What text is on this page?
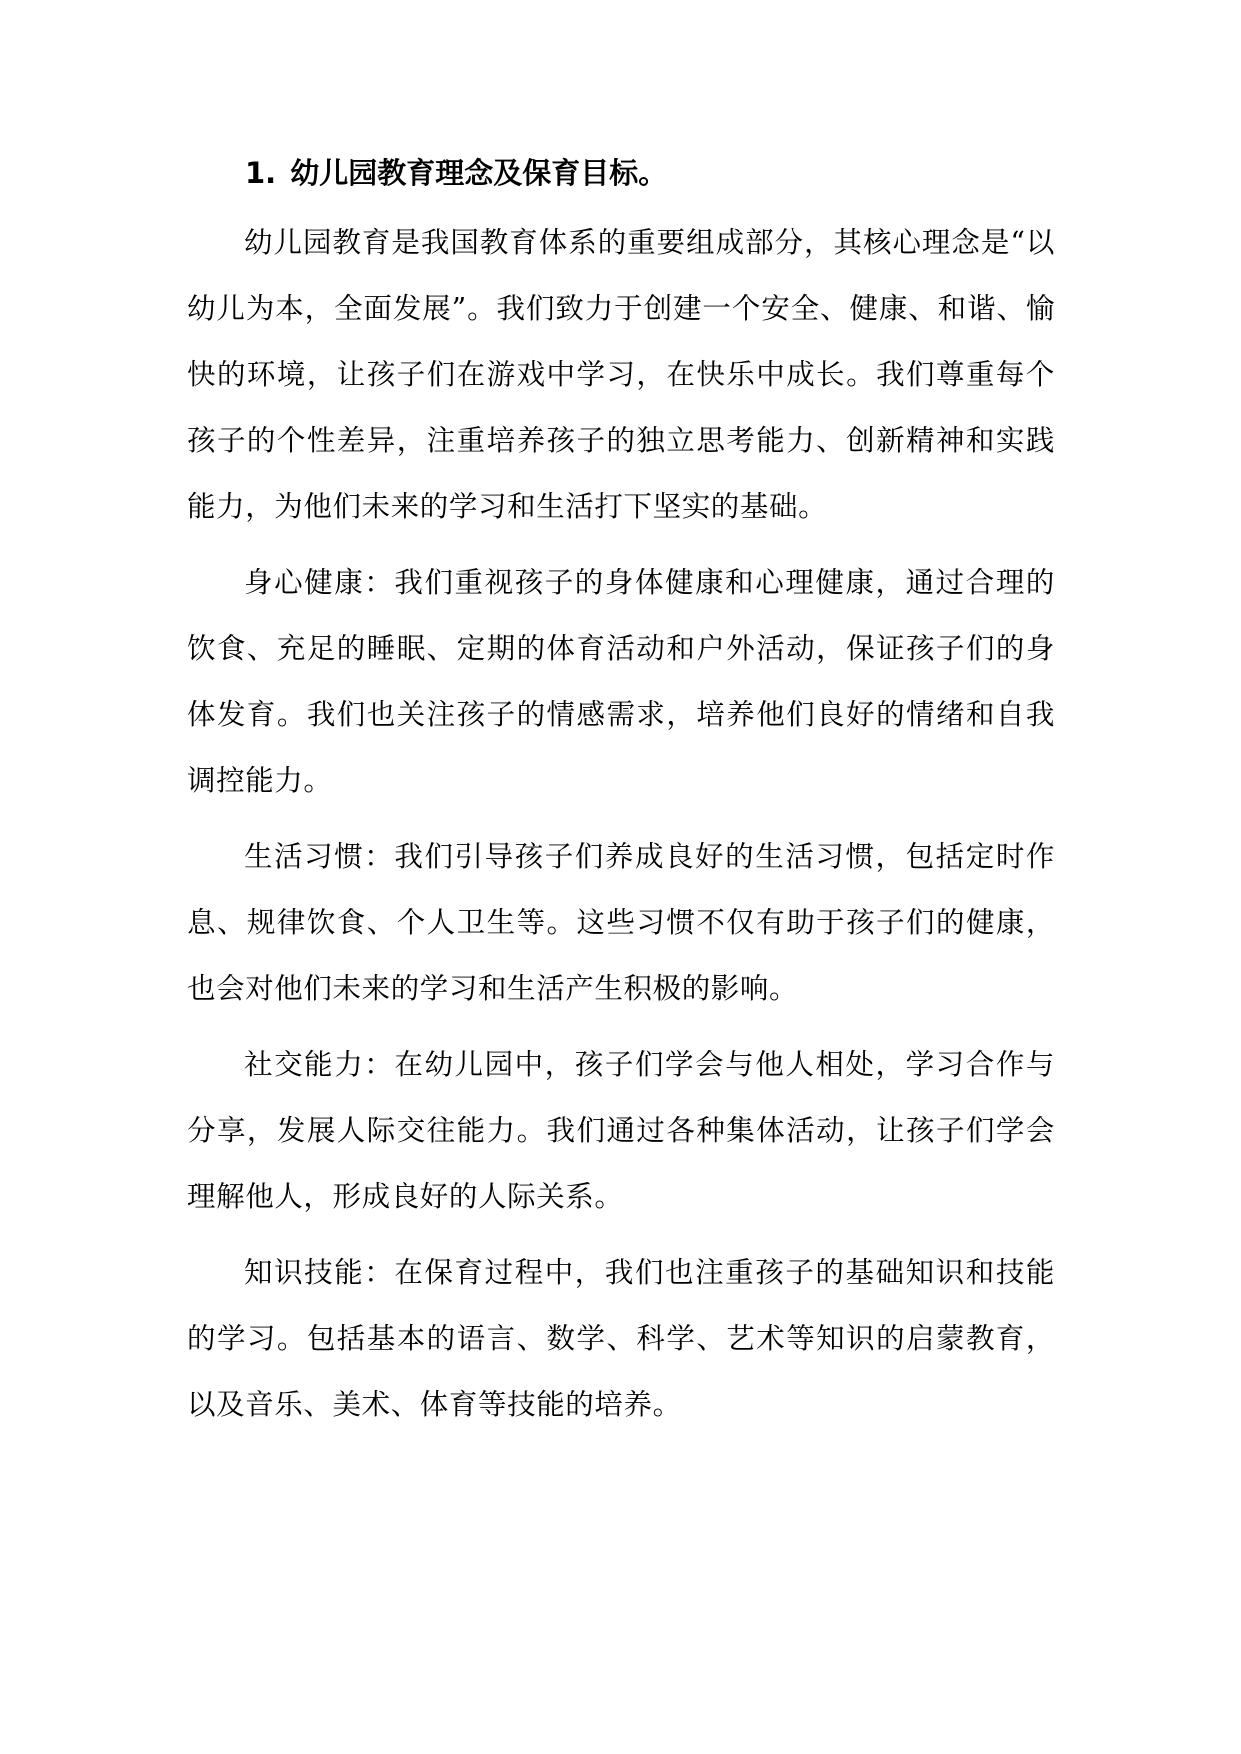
1. 幼儿园教育理念及保育目标。

幼儿园教育是我国教育体系的重要组成部分，其核心理念是“以幼儿为本，全面发展”。我们致力于创建一个安全、健康、和谐、愉快的环境，让孩子们在游戏中学习，在快乐中成长。我们尊重每个孩子的个性差异，注重培养孩子的独立思考能力、创新精神和实践能力，为他们未来的学习和生活打下坚实的基础。

身心健康：我们重视孩子的身体健康和心理健康，通过合理的饮食、充足的睡眠、定期的体育活动和户外活动，保证孩子们的身体发育。我们也关注孩子的情感需求，培养他们良好的情绪和自我调控能力。

生活习惯：我们引导孩子们养成良好的生活习惯，包括定时作息、规律饮食、个人卫生等。这些习惯不仅有助于孩子们的健康，也会对他们未来的学习和生活产生积极的影响。

社交能力：在幼儿园中，孩子们学会与他人相处，学习合作与分享，发展人际交往能力。我们通过各种集体活动，让孩子们学会理解他人，形成良好的人际关系。

知识技能：在保育过程中，我们也注重孩子的基础知识和技能的学习。包括基本的语言、数学、科学、艺术等知识的启蒙教育，以及音乐、美术、体育等技能的培养。
